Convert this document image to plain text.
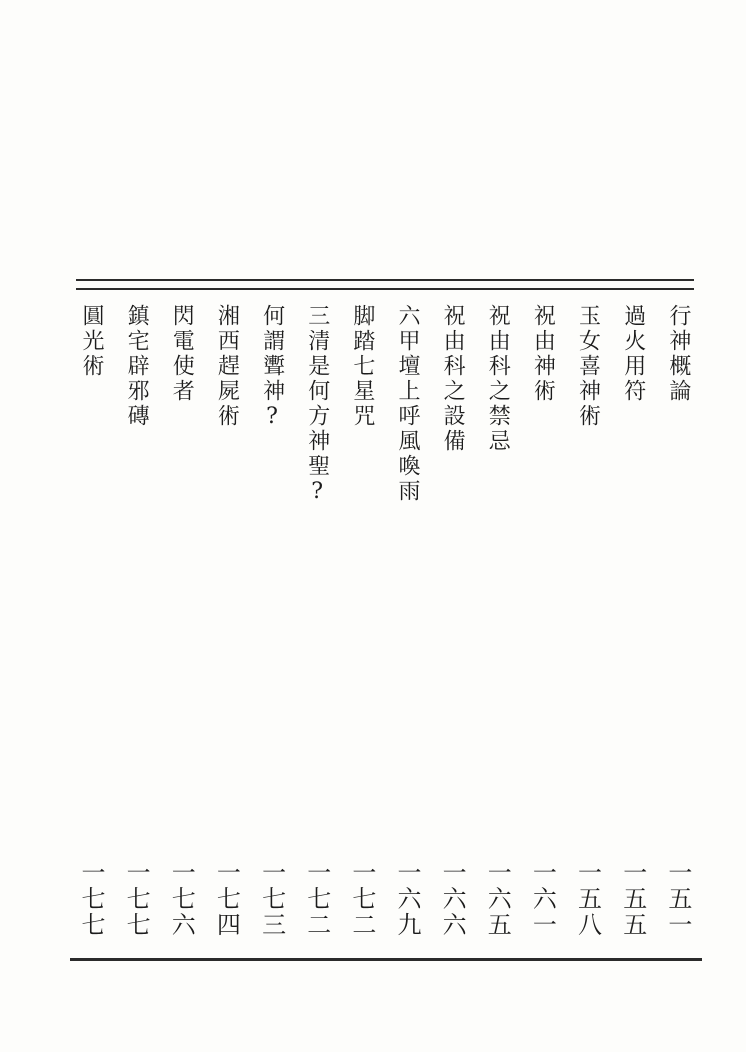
行神概論
一五一
過火用符
一五五
玉女喜神術
一五八
祝由神術
一六一
祝由科之禁忌
一六五
祝由科之設備
一六六
六甲壇上呼風喚雨
一六九
脚踏七星咒
一七二
三清是何方神聖?
一七二
何謂聻神?
一七三
湘西趕屍術
一七四
閃電使者
一七六
鎮宅辟邪磚
一七七
圓光術
一七七
